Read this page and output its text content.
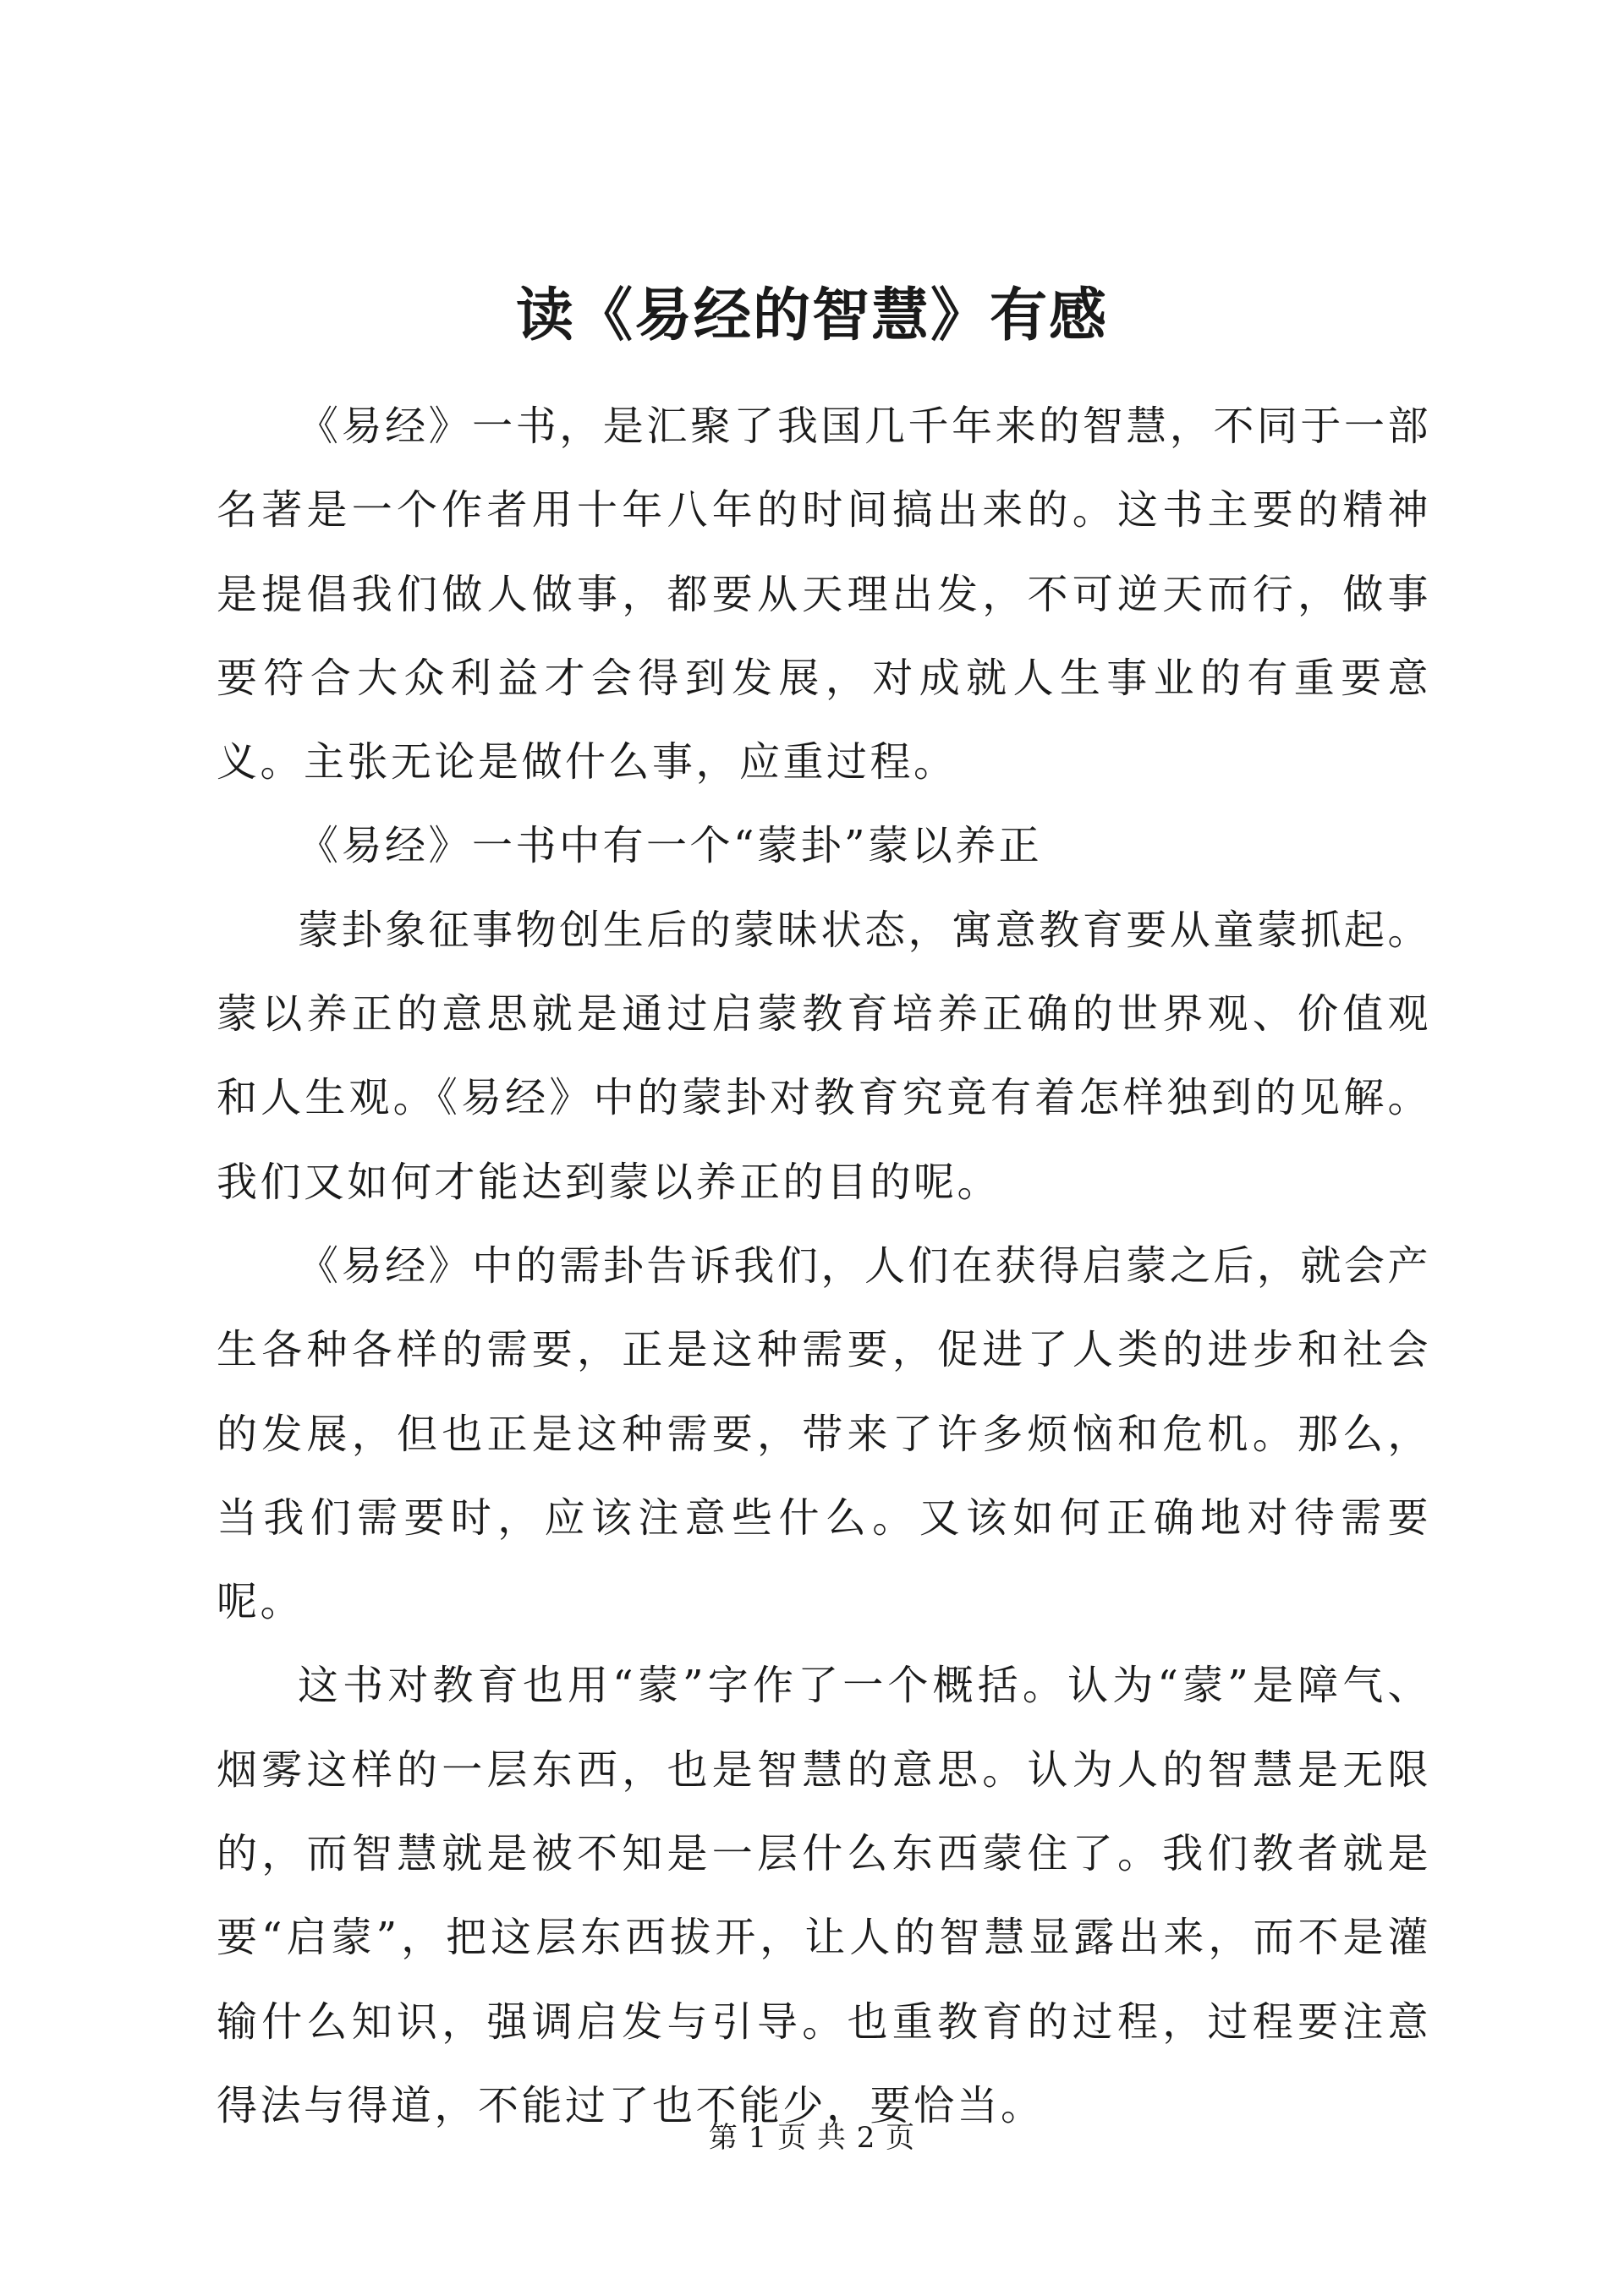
读《易经的智慧》有感

《易经》一书，是汇聚了我国几千年来的智慧，不同于一部名著是一个作者用十年八年的时间搞出来的。这书主要的精神是提倡我们做人做事，都要从天理出发，不可逆天而行，做事要符合大众利益才会得到发展，对成就人生事业的有重要意义。主张无论是做什么事，应重过程。

《易经》一书中有一个“蒙卦”蒙以养正

蒙卦象征事物创生后的蒙昧状态，寓意教育要从童蒙抓起。蒙以养正的意思就是通过启蒙教育培养正确的世界观、价值观和人生观。《易经》中的蒙卦对教育究竟有着怎样独到的见解。我们又如何才能达到蒙以养正的目的呢。

《易经》中的需卦告诉我们，人们在获得启蒙之后，就会产生各种各样的需要，正是这种需要，促进了人类的进步和社会的发展，但也正是这种需要，带来了许多烦恼和危机。那么，当我们需要时，应该注意些什么。又该如何正确地对待需要呢。

这书对教育也用“蒙”字作了一个概括。认为“蒙”是障气、烟雾这样的一层东西，也是智慧的意思。认为人的智慧是无限的，而智慧就是被不知是一层什么东西蒙住了。我们教者就是要“启蒙”，把这层东西拔开，让人的智慧显露出来，而不是灌输什么知识，强调启发与引导。也重教育的过程，过程要注意得法与得道，不能过了也不能少，要恰当。

第 1 页 共 2 页
